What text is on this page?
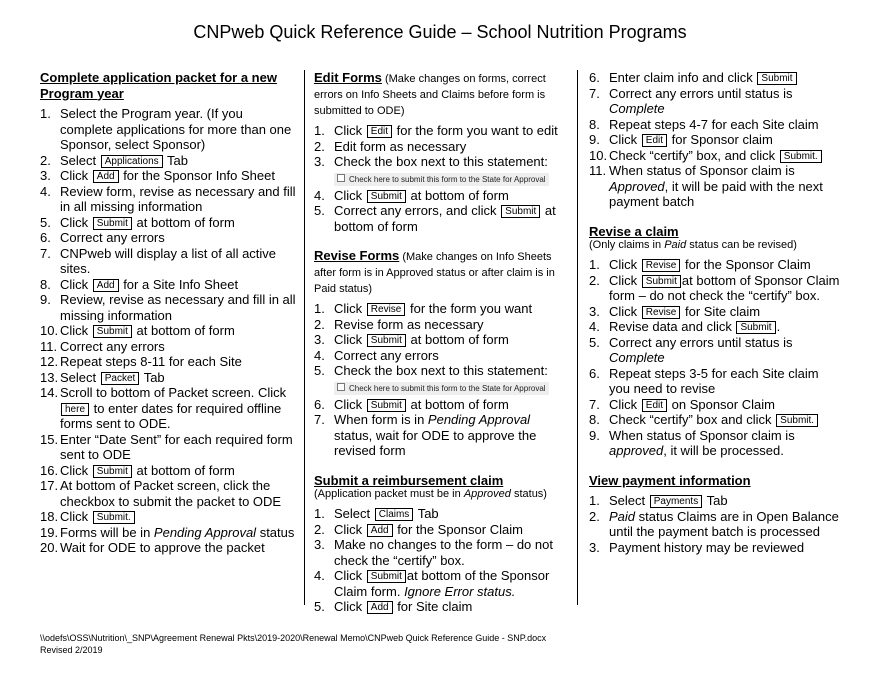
CNPweb Quick Reference Guide – School Nutrition Programs
Complete application packet for a new Program year
1. Select the Program year. (If you complete applications for more than one Sponsor, select Sponsor)
2. Select Applications Tab
3. Click Add for the Sponsor Info Sheet
4. Review form, revise as necessary and fill in all missing information
5. Click Submit at bottom of form
6. Correct any errors
7. CNPweb will display a list of all active sites.
8. Click Add for a Site Info Sheet
9. Review, revise as necessary and fill in all missing information
10. Click Submit at bottom of form
11. Correct any errors
12. Repeat steps 8-11 for each Site
13. Select Packet Tab
14. Scroll to bottom of Packet screen. Click here to enter dates for required offline forms sent to ODE.
15. Enter “Date Sent” for each required form sent to ODE
16. Click Submit at bottom of form
17. At bottom of Packet screen, click the checkbox to submit the packet to ODE
18. Click Submit.
19. Forms will be in Pending Approval status
20. Wait for ODE to approve the packet
Edit Forms (Make changes on forms, correct errors on Info Sheets and Claims before form is submitted to ODE)
1. Click Edit for the form you want to edit
2. Edit form as necessary
3. Check the box next to this statement:Check here to submit this form to the State for Approval
4. Click Submit at bottom of form
5. Correct any errors, and click Submit at bottom of form
Revise Forms (Make changes on Info Sheets after form is in Approved status or after claim is in Paid status)
1. Click Revise for the form you want
2. Revise form as necessary
3. Click Submit at bottom of form
4. Correct any errors
5. Check the box next to this statement:Check here to submit this form to the State for Approval
6. Click Submit at bottom of form
7. When form is in Pending Approval status, wait for ODE to approve the revised form
Submit a reimbursement claim
(Application packet must be in Approved status)
1. Select Claims Tab
2. Click Add for the Sponsor Claim
3. Make no changes to the form – do not check the “certify” box.
4. Click Submit at bottom of the Sponsor Claim form. Ignore Error status.
5. Click Add for Site claim
6. Enter claim info and click Submit
7. Correct any errors until status is Complete
8. Repeat steps 4-7 for each Site claim
9. Click Edit for Sponsor claim
10. Check “certify” box, and click Submit.
11. When status of Sponsor claim is Approved, it will be paid with the next payment batch
Revise a claim
(Only claims in Paid status can be revised)
1. Click Revise for the Sponsor Claim
2. Click Submit at bottom of Sponsor Claim form – do not check the “certify” box.
3. Click Revise for Site claim
4. Revise data and click Submit .
5. Correct any errors until status is Complete
6. Repeat steps 3-5 for each Site claim you need to revise
7. Click Edit on Sponsor Claim
8. Check “certify” box and click Submit.
9. When status of Sponsor claim is approved, it will be processed.
View payment information
1. Select Payments Tab
2. Paid status Claims are in Open Balance until the payment batch is processed
3. Payment history may be reviewed
\\odefs\OSS\Nutrition\_SNP\Agreement Renewal Pkts\2019-2020\Renewal Memo\CNPweb Quick Reference Guide - SNP.docx
Revised 2/2019
